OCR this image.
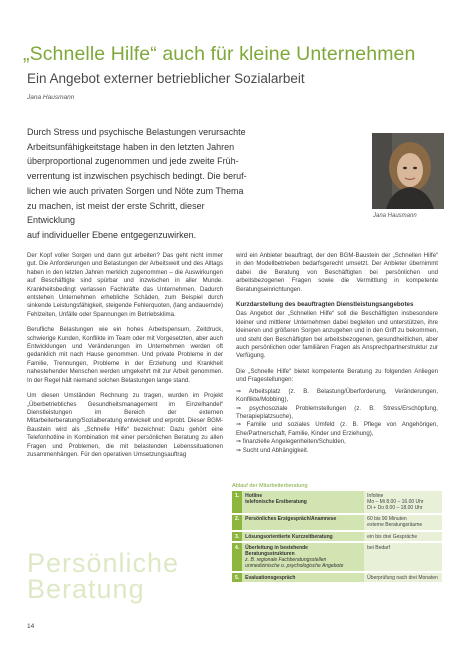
„Schnelle Hilfe“ auch für kleine Unternehmen
Ein Angebot externer betrieblicher Sozialarbeit
Jana Hausmann

Durch Stress und psychische Belastungen verursachte

Arbeitsunfähigkeitstage haben in den letzten Jahren

überproportional zugenommen und jede zweite Früh-

verrentung ist inzwischen psychisch bedingt. Die beruf-

lichen wie auch privaten Sorgen und Nöte zum Thema

zu machen, ist meist der erste Schritt, dieser Entwicklung

auf individueller Ebene entgegenzuwirken.

Jana Hausmann

Der Kopf voller Sorgen und dann gut arbeiten? Das geht nicht immer gut. Die Anforderungen und Belastungen der Arbeitswelt und des Alltags haben in den letzten Jahren merklich zugenommen – die Auswirkungen auf Beschäftigte sind spürbar und inzwischen in aller Munde. Krankheitsbedingt verlassen Fachkräfte das Unternehmen. Dadurch entstehen Unternehmen erhebliche Schäden, zum Beispiel durch sinkende Leistungsfähigkeit, steigende Fehlerquoten, (lang andauernde) Fehlzeiten, Unfälle oder Spannungen im Betriebsklima.

Berufliche Belastungen wie ein hohes Arbeitspensum, Zeitdruck, schwierige Kunden, Konflikte im Team oder mit Vorgesetzten, aber auch Entwicklungen und Veränderungen im Unternehmen werden oft gedanklich mit nach Hause genommen. Und private Probleme in der Familie, Trennungen, Probleme in der Erziehung und Krankheit nahestehender Menschen werden umgekehrt mit zur Arbeit genommen. In der Regel hält niemand solchen Belastungen lange stand.

Um diesen Umständen Rechnung zu tragen, wurden im Projekt „Überbetriebliches Gesundheitsmanagement im Einzelhandel“ Dienstleistungen im Bereich der externen Mitarbeiterberatung/Sozialberatung entwickelt und erprobt. Dieser BGM-Baustein wird als „Schnelle Hilfe“ bezeichnet: Dazu gehört eine Telefonhotline in Kombination mit einer persönlichen Beratung zu allen Fragen und Problemen, die mit belastenden Lebenssituationen zusammenhängen. Für den operativen Umsetzungsauftrag

wird ein Anbieter beauftragt, der den BGM-Baustein der „Schnellen Hilfe“ in den Modellbetrieben bedarfsgerecht umsetzt. Der Anbieter übernimmt dabei die Beratung von Beschäftigten bei persönlichen und arbeitsbezogenen Fragen sowie die Vermittlung in kompetente Beratungseinrichtungen.

Kurzdarstellung des beauftragten Dienstleistungsangebotes

Das Angebot der „Schnellen Hilfe“ soll die Beschäftigten insbesondere kleiner und mittlerer Unternehmen dabei begleiten und unterstützen, ihre kleineren und größeren Sorgen anzugehen und in den Griff zu bekommen, und steht den Beschäftigten bei arbeitsbezogenen, gesundheitlichen, aber auch persönlichen oder familiären Fragen als Ansprechpartnerstruktur zur Verfügung.

Die „Schnelle Hilfe“ bietet kompetente Beratung zu folgenden Anliegen und Fragestellungen:

⇒ Arbeitsplatz (z. B. Belastung/Überforderung, Veränderungen, Konflikte/Mobbing),
⇒ psychosoziale Problemstellungen (z. B. Stress/Erschöpfung, Therapieplatzsuche),
⇒ Familie und soziales Umfeld (z. B. Pflege von Angehörigen, Ehe/Partnerschaft, Familie, Kinder und Erziehung),
⇒ finanzielle Angelegenheiten/Schulden,
⇒ Sucht und Abhängigkeit.
Ablauf der Mitarbeiterberatung
1.	Hotline
telefonische Erstberatung	Infoline
Mo – Mi 8.00 – 16.00 Uhr
Di + Do 8.00 – 18.00 Uhr
2.	Persönliches Erstgespräch/Anamnese	60 bis 90 Minuten
externe Beratungsräume
3.	Lösungsorientierte Kurzzeitberatung	ein bis drei Gespräche
4.	Überleitung in bestehende
Beratungsstrukturen
z. B. regionale Fachberatungsstellen
unmedizinische o. psychologische Angebote	bei Bedarf
5.	Evaluationsgespräch	Überprüfung nach drei Monaten
Persönliche
Beratung
14
